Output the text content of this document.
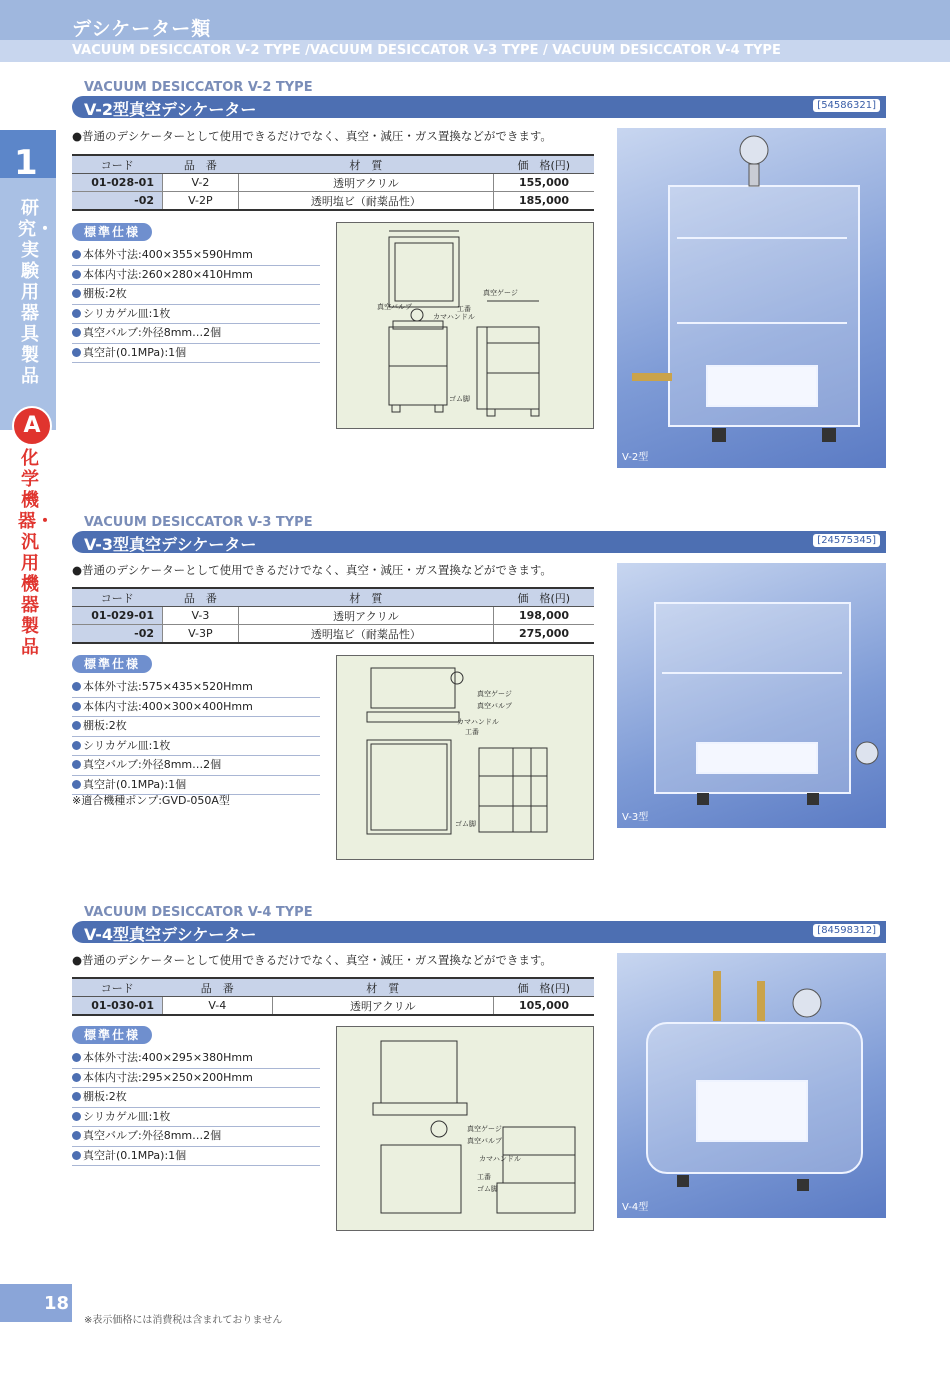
デシケーター類
VACUUM DESICCATOR V-2 TYPE /VACUUM DESICCATOR V-3 TYPE / VACUUM DESICCATOR V-4 TYPE
1
研究・実験用器具製品
A
化学機器・汎用機器製品
VACUUM DESICCATOR V-2 TYPE
V-2型真空デシケーター	[54586321]
●普通のデシケーターとして使用できるだけでなく、真空・減圧・ガス置換などができます。
コード	品　番	材　質	価　格(円)
01-028-01	V-2	透明アクリル	155,000
-02	V-2P	透明塩ビ（耐薬品性）	185,000
標準仕様
本体外寸法:400×355×590Hmm
本体内寸法:260×280×410Hmm
棚板:2枚
シリカゲル皿:1枚
真空バルブ:外径8mm…2個
真空計(0.1MPa):1個
真空ゲージ
真空バルブ
カマハンドル
工番
ゴム脚
V-2型
VACUUM DESICCATOR V-3 TYPE
V-3型真空デシケーター	[24575345]
●普通のデシケーターとして使用できるだけでなく、真空・減圧・ガス置換などができます。
コード	品　番	材　質	価　格(円)
01-029-01	V-3	透明アクリル	198,000
-02	V-3P	透明塩ビ（耐薬品性）	275,000
標準仕様
本体外寸法:575×435×520Hmm
本体内寸法:400×300×400Hmm
棚板:2枚
シリカゲル皿:1枚
真空バルブ:外径8mm…2個
真空計(0.1MPa):1個
※適合機種ポンプ:GVD-050A型
真空ゲージ
真空バルブ
カマハンドル
工番
ゴム脚
V-3型
VACUUM DESICCATOR V-4 TYPE
V-4型真空デシケーター	[84598312]
●普通のデシケーターとして使用できるだけでなく、真空・減圧・ガス置換などができます。
コード	品　番	材　質	価　格(円)
01-030-01	V-4	透明アクリル	105,000
標準仕様
本体外寸法:400×295×380Hmm
本体内寸法:295×250×200Hmm
棚板:2枚
シリカゲル皿:1枚
真空バルブ:外径8mm…2個
真空計(0.1MPa):1個
真空ゲージ
真空バルブ
カマハンドル
工番
ゴム脚
V-4型
18
※表示価格には消費税は含まれておりません
